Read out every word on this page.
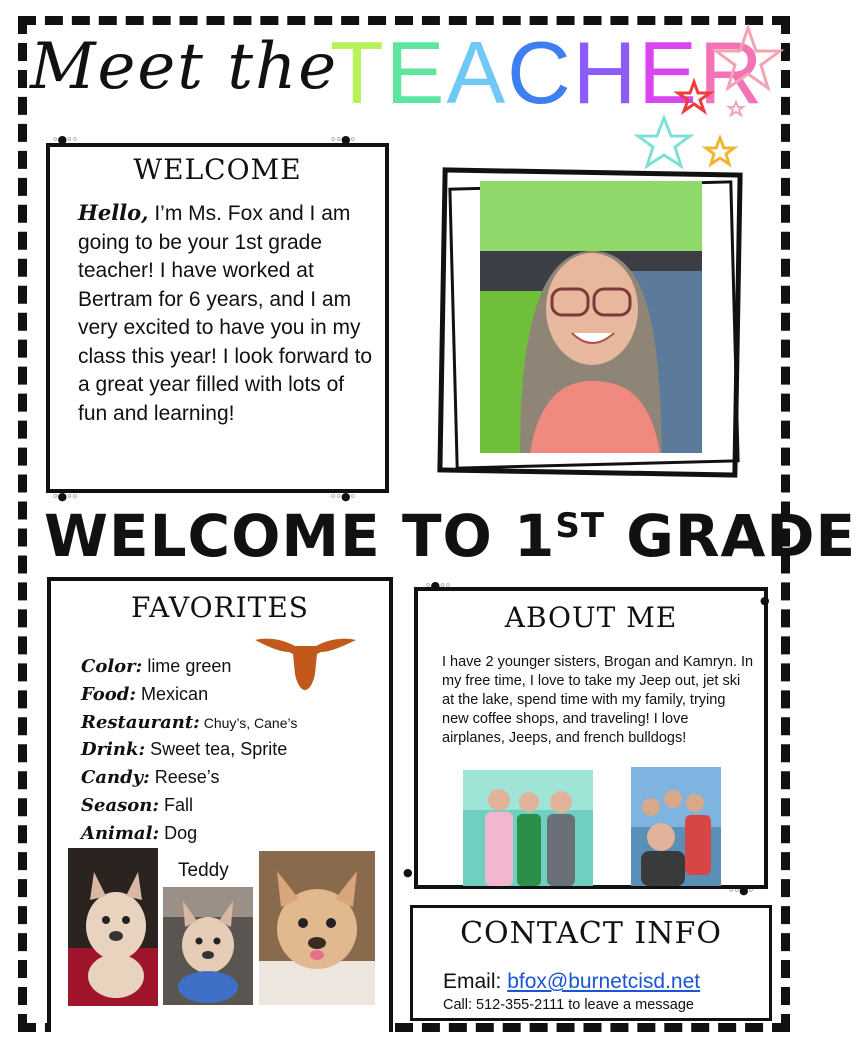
Meet the
TEACHER
WELCOME
Hello, I’m Ms. Fox and I am going to be your 1st grade teacher! I have worked at Bertram for 6 years, and I am very excited to have you in my class this year! I look forward to a great year filled with lots of fun and learning!
◦●◦◦	◦◦●◦
◦●◦◦	◦◦●◦
WELCOME TO 1ST GRADE
FAVORITES
Color: lime green
Food: Mexican
Restaurant: Chuy’s, Cane’s
Drink: Sweet tea, Sprite
Candy: Reese’s
Season: Fall
Animal: Dog
Teddy
ABOUT ME
I have 2 younger sisters, Brogan and Kamryn. In my free time, I love to take my Jeep out, jet ski at the lake, spend time with my family, trying new coffee shops, and traveling! I love airplanes, Jeeps, and french bulldogs!
◦●◦◦
●
●
◦◦●◦
CONTACT INFO
Email: bfox@burnetcisd.net
Call: 512-355-2111 to leave a message
